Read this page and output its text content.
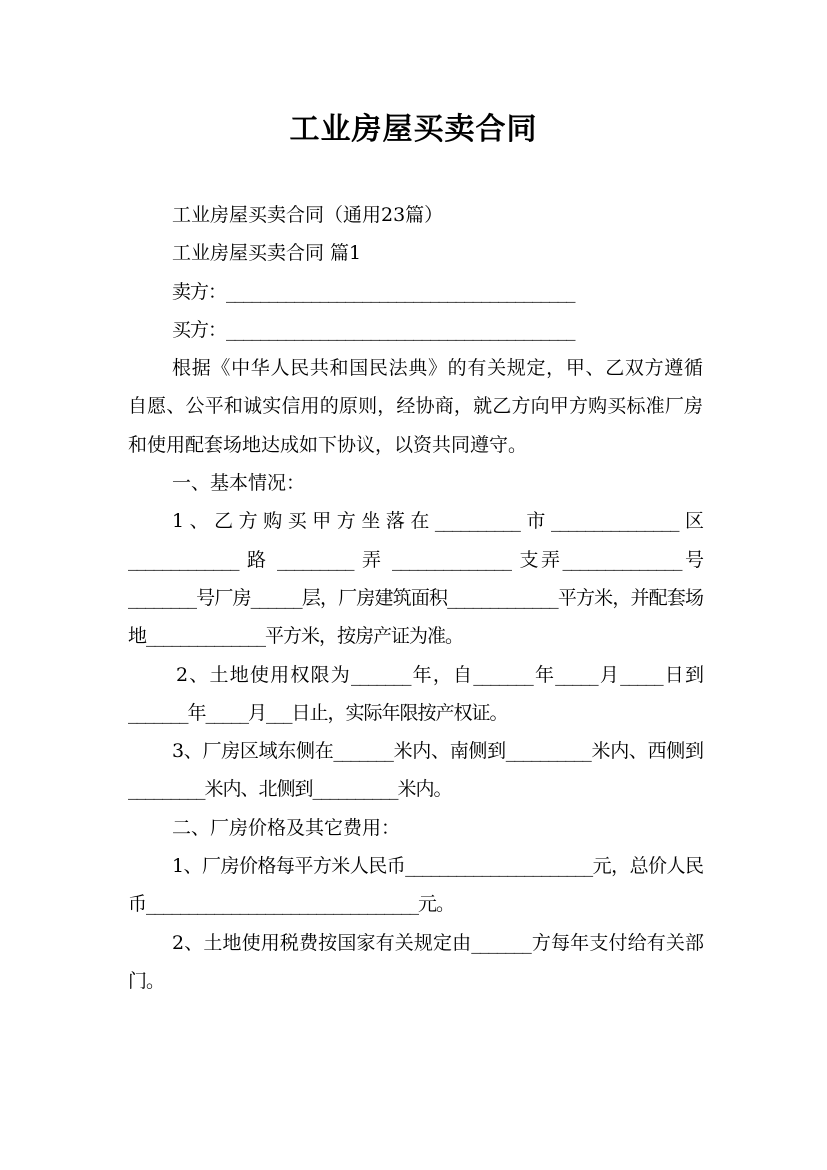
工业房屋买卖合同

工业房屋买卖合同（通用23篇）

工业房屋买卖合同 篇1

卖方：_________________________________________

买方：_________________________________________

根据《中华人民共和国民法典》的有关规定，甲、乙双方遵循自愿、公平和诚实信用的原则，经协商，就乙方向甲方购买标准厂房和使用配套场地达成如下协议，以资共同遵守。

一、基本情况：

1、乙方购买甲方坐落在__________市_______________区 _____________ 路 _________ 弄 ______________ 支弄______________号________号厂房______层，厂房建筑面积_____________平方米，并配套场地______________平方米，按房产证为准。

2、土地使用权限为_______年，自_______年_____月_____日到_______年_____月___日止，实际年限按产权证。

3、厂房区域东侧在_______米内、南侧到__________米内、西侧到_________米内、北侧到__________米内。

二、厂房价格及其它费用：

1、厂房价格每平方米人民币______________________元，总价人民币________________________________元。

2、土地使用税费按国家有关规定由_______方每年支付给有关部门。
